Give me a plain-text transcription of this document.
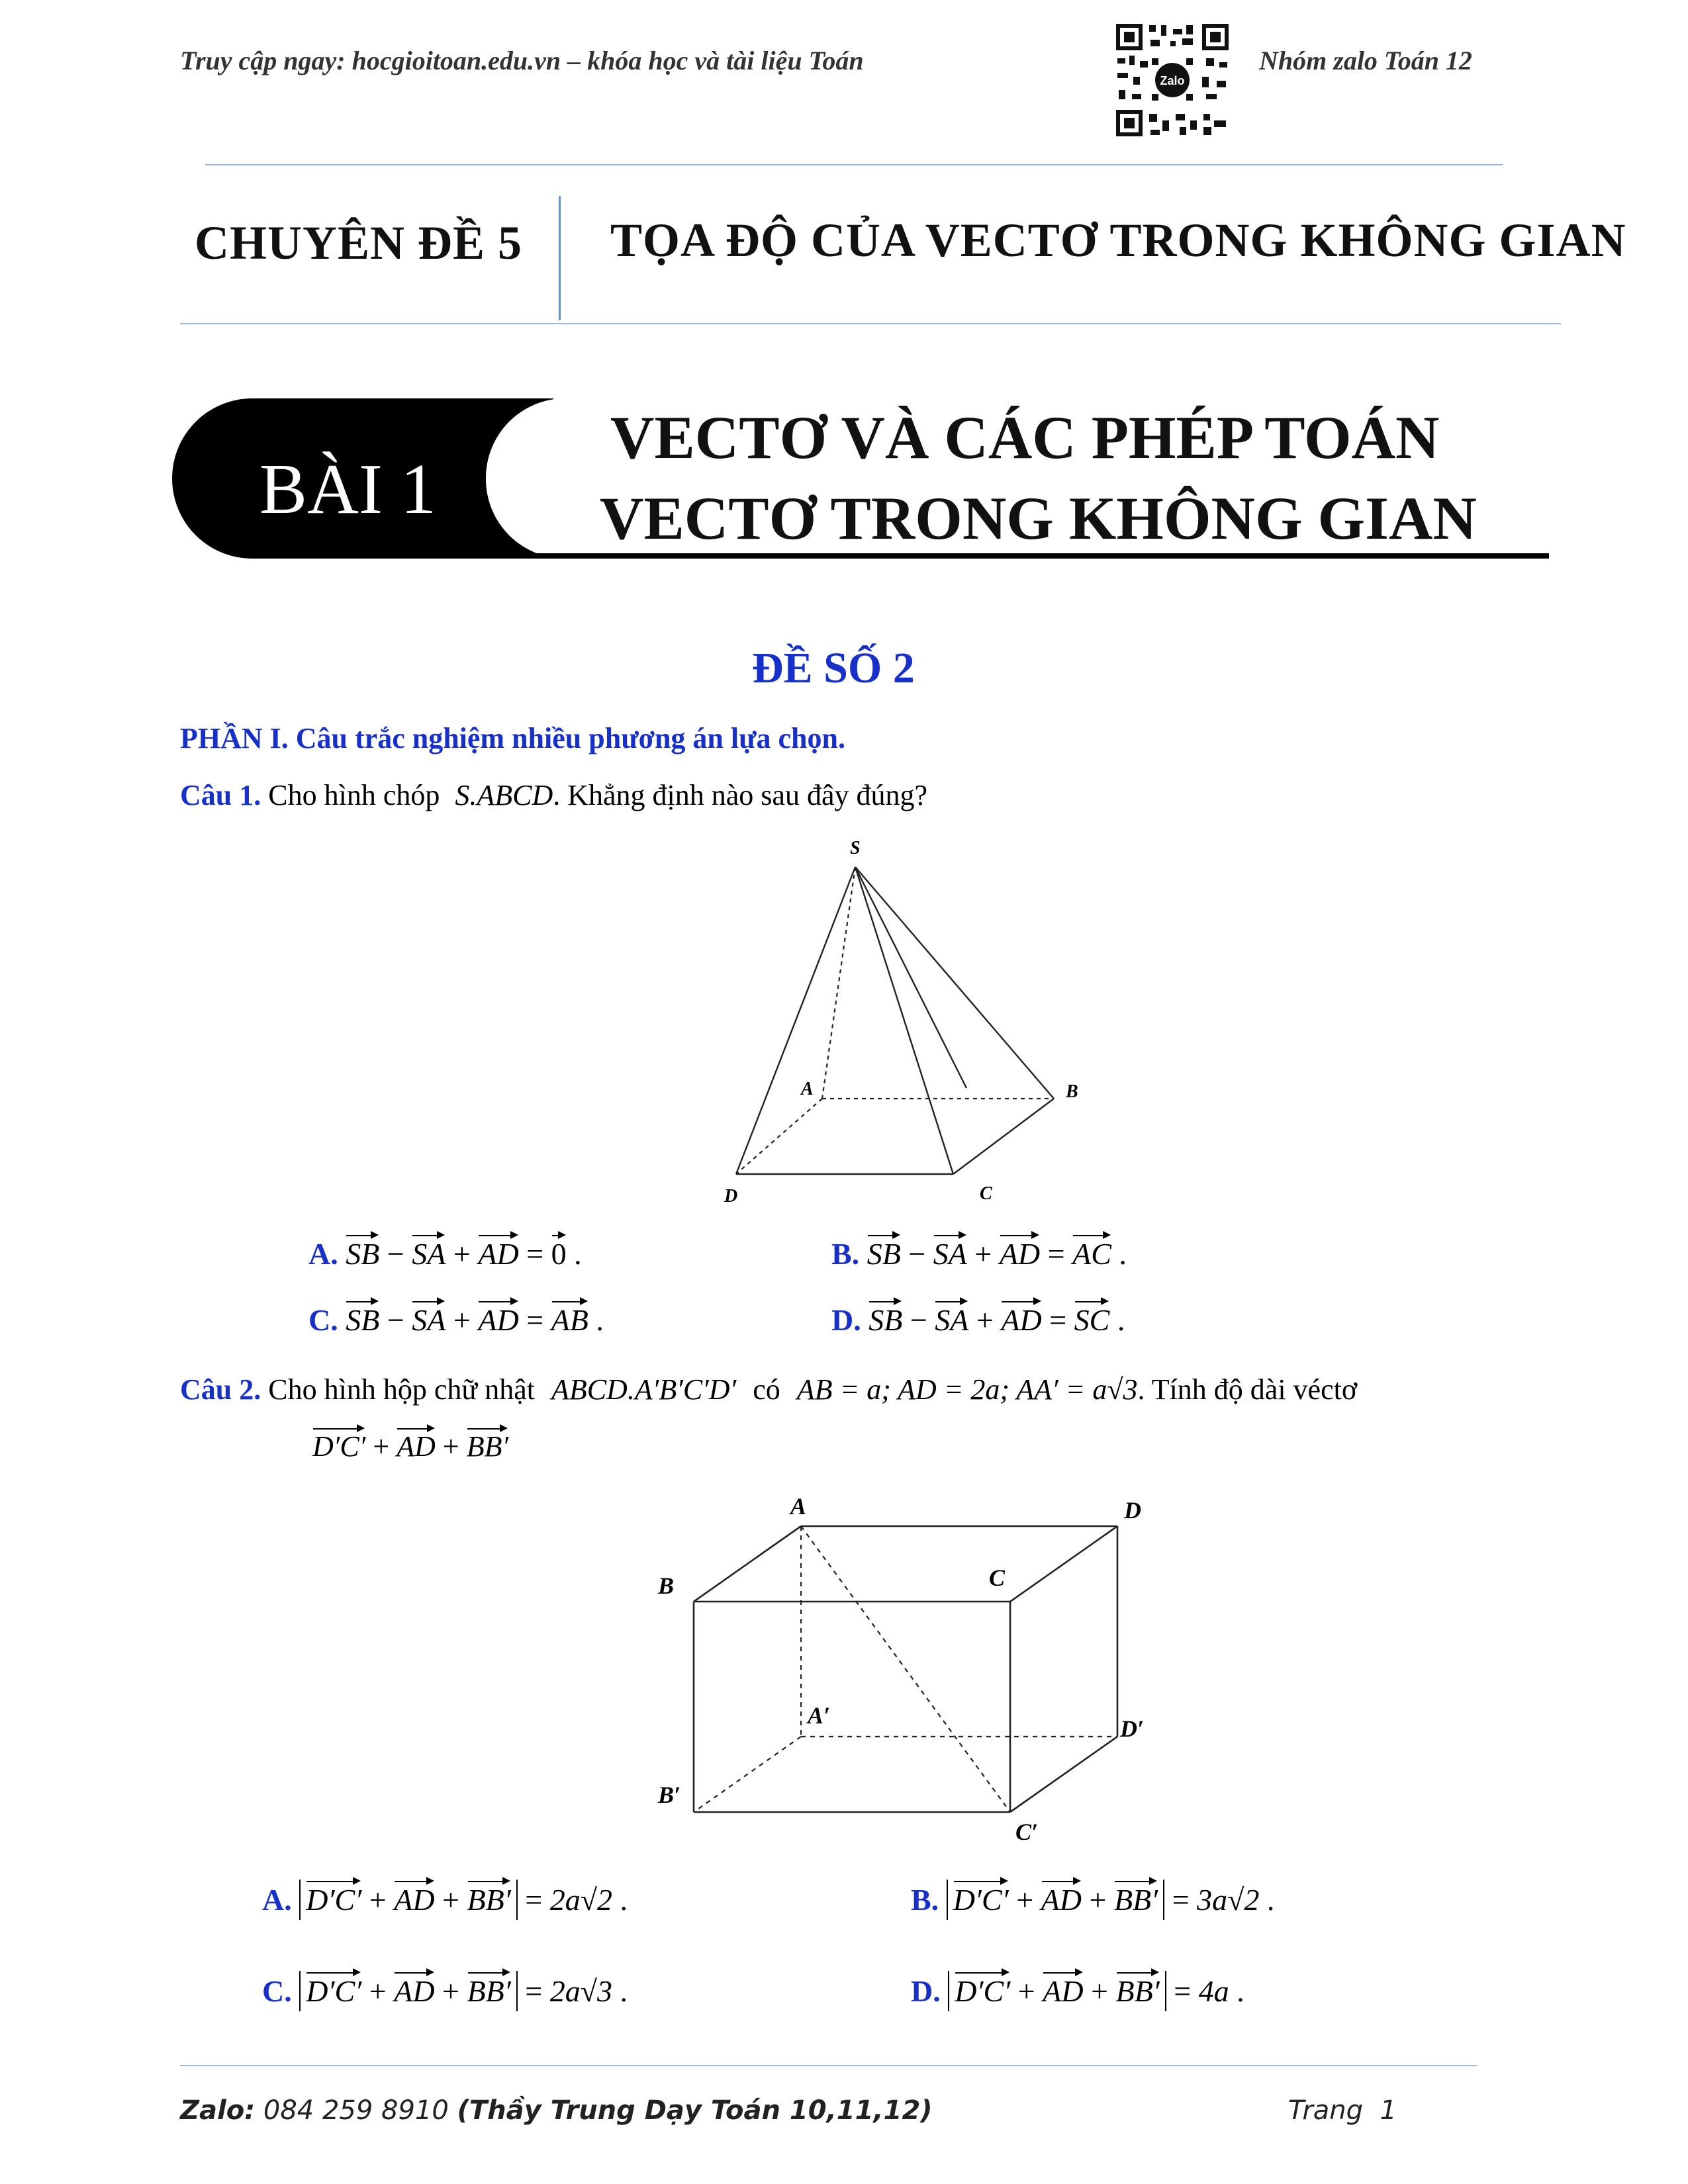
Truy cập ngay: hocgioitoan.edu.vn – khóa học và tài liệu Toán
Zalo
Nhóm zalo Toán 12
CHUYÊN ĐỀ 5 TỌA ĐỘ CỦA VECTƠ TRONG KHÔNG GIAN
BÀI 1
VECTƠ VÀ CÁC PHÉP TOÁN
VECTƠ TRONG KHÔNG GIAN
ĐỀ SỐ 2
PHẦN I. Câu trắc nghiệm nhiều phương án lựa chọn.
Câu 1. Cho hình chóp S.ABCD. Khẳng định nào sau đây đúng?
S
A	B
D	C
A. SB − SA + AD = 0 .	B. SB − SA + AD = AC .
C. SB − SA + AD = AB .	D. SB − SA + AD = SC .
Câu 2. Cho hình hộp chữ nhật ABCD.A′B′C′D′ có AB = a; AD = 2a; AA′ = a√3. Tính độ dài véctơ
D′C′ + AD + BB′
A	D
B	C
A′	D′
B′
C′
A. D′C′ + AD + BB′ = 2a√2 .	B. D′C′ + AD + BB′ = 3a√2 .
C. D′C′ + AD + BB′ = 2a√3 .	D. D′C′ + AD + BB′ = 4a .
Zalo: 084 259 8910 (Thầy Trung Dạy Toán 10,11,12)	Trang  1
